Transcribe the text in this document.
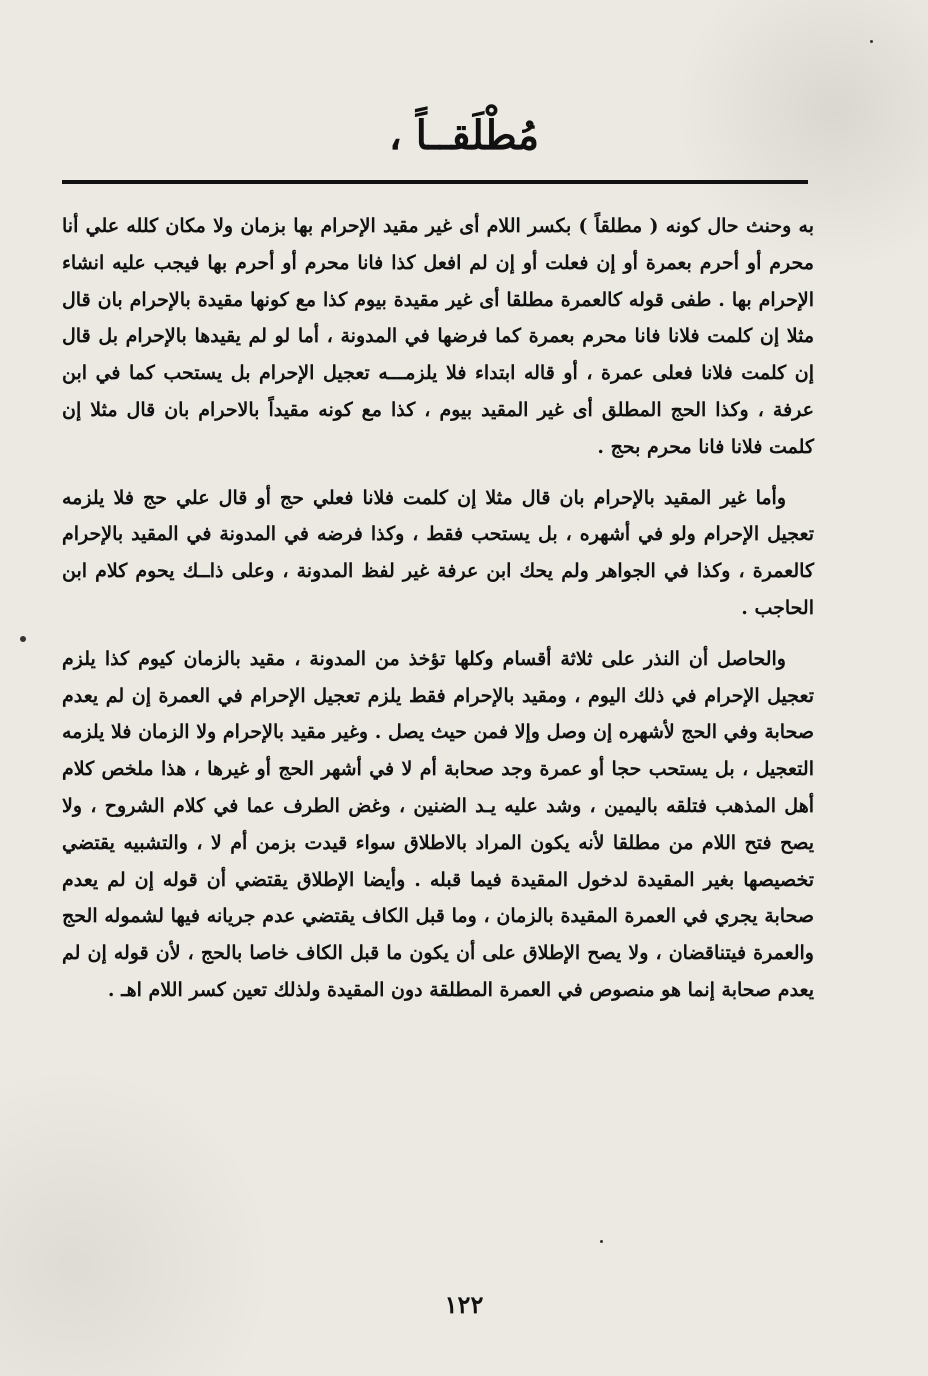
مُطْلَقــاً ،

به وحنث حال كونه ( مطلقاً ) بكسر اللام أى غير مقيد الإحرام بها بزمان ولا مكان كلله علي أنا محرم أو أحرم بعمرة أو إن فعلت أو إن لم افعل كذا فانا محرم أو أحرم بها فيجب عليه انشاء الإحرام بها . طفى قوله كالعمرة مطلقا أى غير مقيدة بيوم كذا مع كونها مقيدة بالإحرام بان قال مثلا إن كلمت فلانا فانا محرم بعمرة كما فرضها في المدونة ، أما لو لم يقيدها بالإحرام بل قال إن كلمت فلانا فعلى عمرة ، أو قاله ابتداء فلا يلزمـــه تعجيل الإحرام بل يستحب كما في ابن عرفة ، وكذا الحج المطلق أى غير المقيد بيوم ، كذا مع كونه مقيداً بالاحرام بان قال مثلا إن كلمت فلانا فانا محرم بحج .

وأما غير المقيد بالإحرام بان قال مثلا إن كلمت فلانا فعلي حج أو قال علي حج فلا يلزمه تعجيل الإحرام ولو في أشهره ، بل يستحب فقط ، وكذا فرضه في المدونة في المقيد بالإحرام كالعمرة ، وكذا في الجواهر ولم يحك ابن عرفة غير لفظ المدونة ، وعلى ذاــك يحوم كلام ابن الحاجب .

والحاصل أن النذر على ثلاثة أقسام وكلها تؤخذ من المدونة ، مقيد بالزمان كيوم كذا يلزم تعجيل الإحرام في ذلك اليوم ، ومقيد بالإحرام فقط يلزم تعجيل الإحرام في العمرة إن لم يعدم صحابة وفي الحج لأشهره إن وصل وإلا فمن حيث يصل . وغير مقيد بالإحرام ولا الزمان فلا يلزمه التعجيل ، بل يستحب حجا أو عمرة وجد صحابة أم لا في أشهر الحج أو غيرها ، هذا ملخص كلام أهل المذهب فتلقه باليمين ، وشد عليه يـد الضنين ، وغض الطرف عما في كلام الشروح ، ولا يصح فتح اللام من مطلقا لأنه يكون المراد بالاطلاق سواء قيدت بزمن أم لا ، والتشبيه يقتضي تخصيصها بغير المقيدة لدخول المقيدة فيما قبله . وأيضا الإطلاق يقتضي أن قوله إن لم يعدم صحابة يجري في العمرة المقيدة بالزمان ، وما قبل الكاف يقتضي عدم جريانه فيها لشموله الحج والعمرة فيتناقضان ، ولا يصح الإطلاق على أن يكون ما قبل الكاف خاصا بالحج ، لأن قوله إن لم يعدم صحابة إنما هو منصوص في العمرة المطلقة دون المقيدة ولذلك تعين كسر اللام اهـ .

١٢٢
